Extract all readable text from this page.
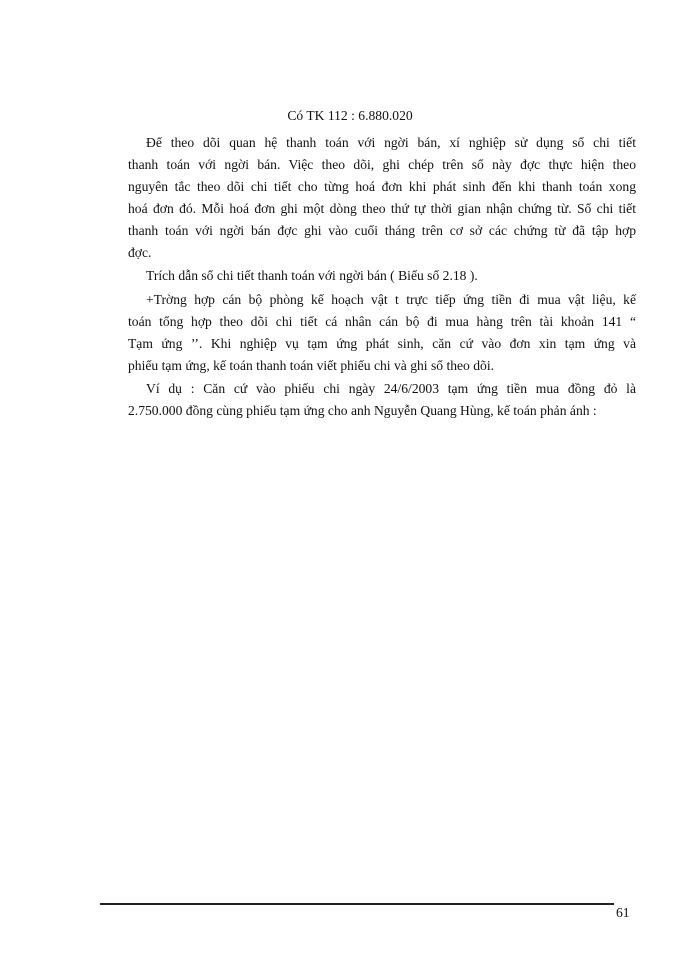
Có TK 112 : 6.880.020
Để theo dõi quan hệ thanh toán với ngời bán, xí nghiệp sử dụng sổ chi tiết
thanh toán với ngời bán. Việc theo dõi, ghi chép trên sổ này đợc thực hiện theo
nguyên tắc theo dõi chi tiết cho từng hoá đơn khi phát sinh đến khi thanh toán xong
hoá đơn đó. Mỗi hoá đơn ghi một dòng theo thứ tự thời gian nhận chứng từ. Sổ chi tiết
thanh toán với ngời bán đợc ghi vào cuối tháng trên cơ sở các chứng từ đã tập hợp
đợc.
Trích dẫn sổ chi tiết thanh toán với ngời bán ( Biểu số 2.18 ).
+Trờng hợp cán bộ phòng kế hoạch vật t trực tiếp ứng tiền đi mua vật liệu, kế
toán tổng hợp theo dõi chi tiết cá nhân cán bộ đi mua hàng trên tài khoản 141 “
Tạm ứng ’’. Khi nghiệp vụ tạm ứng phát sinh, căn cứ vào đơn xin tạm ứng và
phiếu tạm ứng, kế toán thanh toán viết phiếu chi và ghi sổ theo dõi.
Ví dụ : Căn cứ vào phiếu chi ngày 24/6/2003 tạm ứng tiền mua đồng đỏ là
2.750.000 đồng cùng phiếu tạm ứng cho anh Nguyễn Quang Hùng, kế toán phản ánh :
61
